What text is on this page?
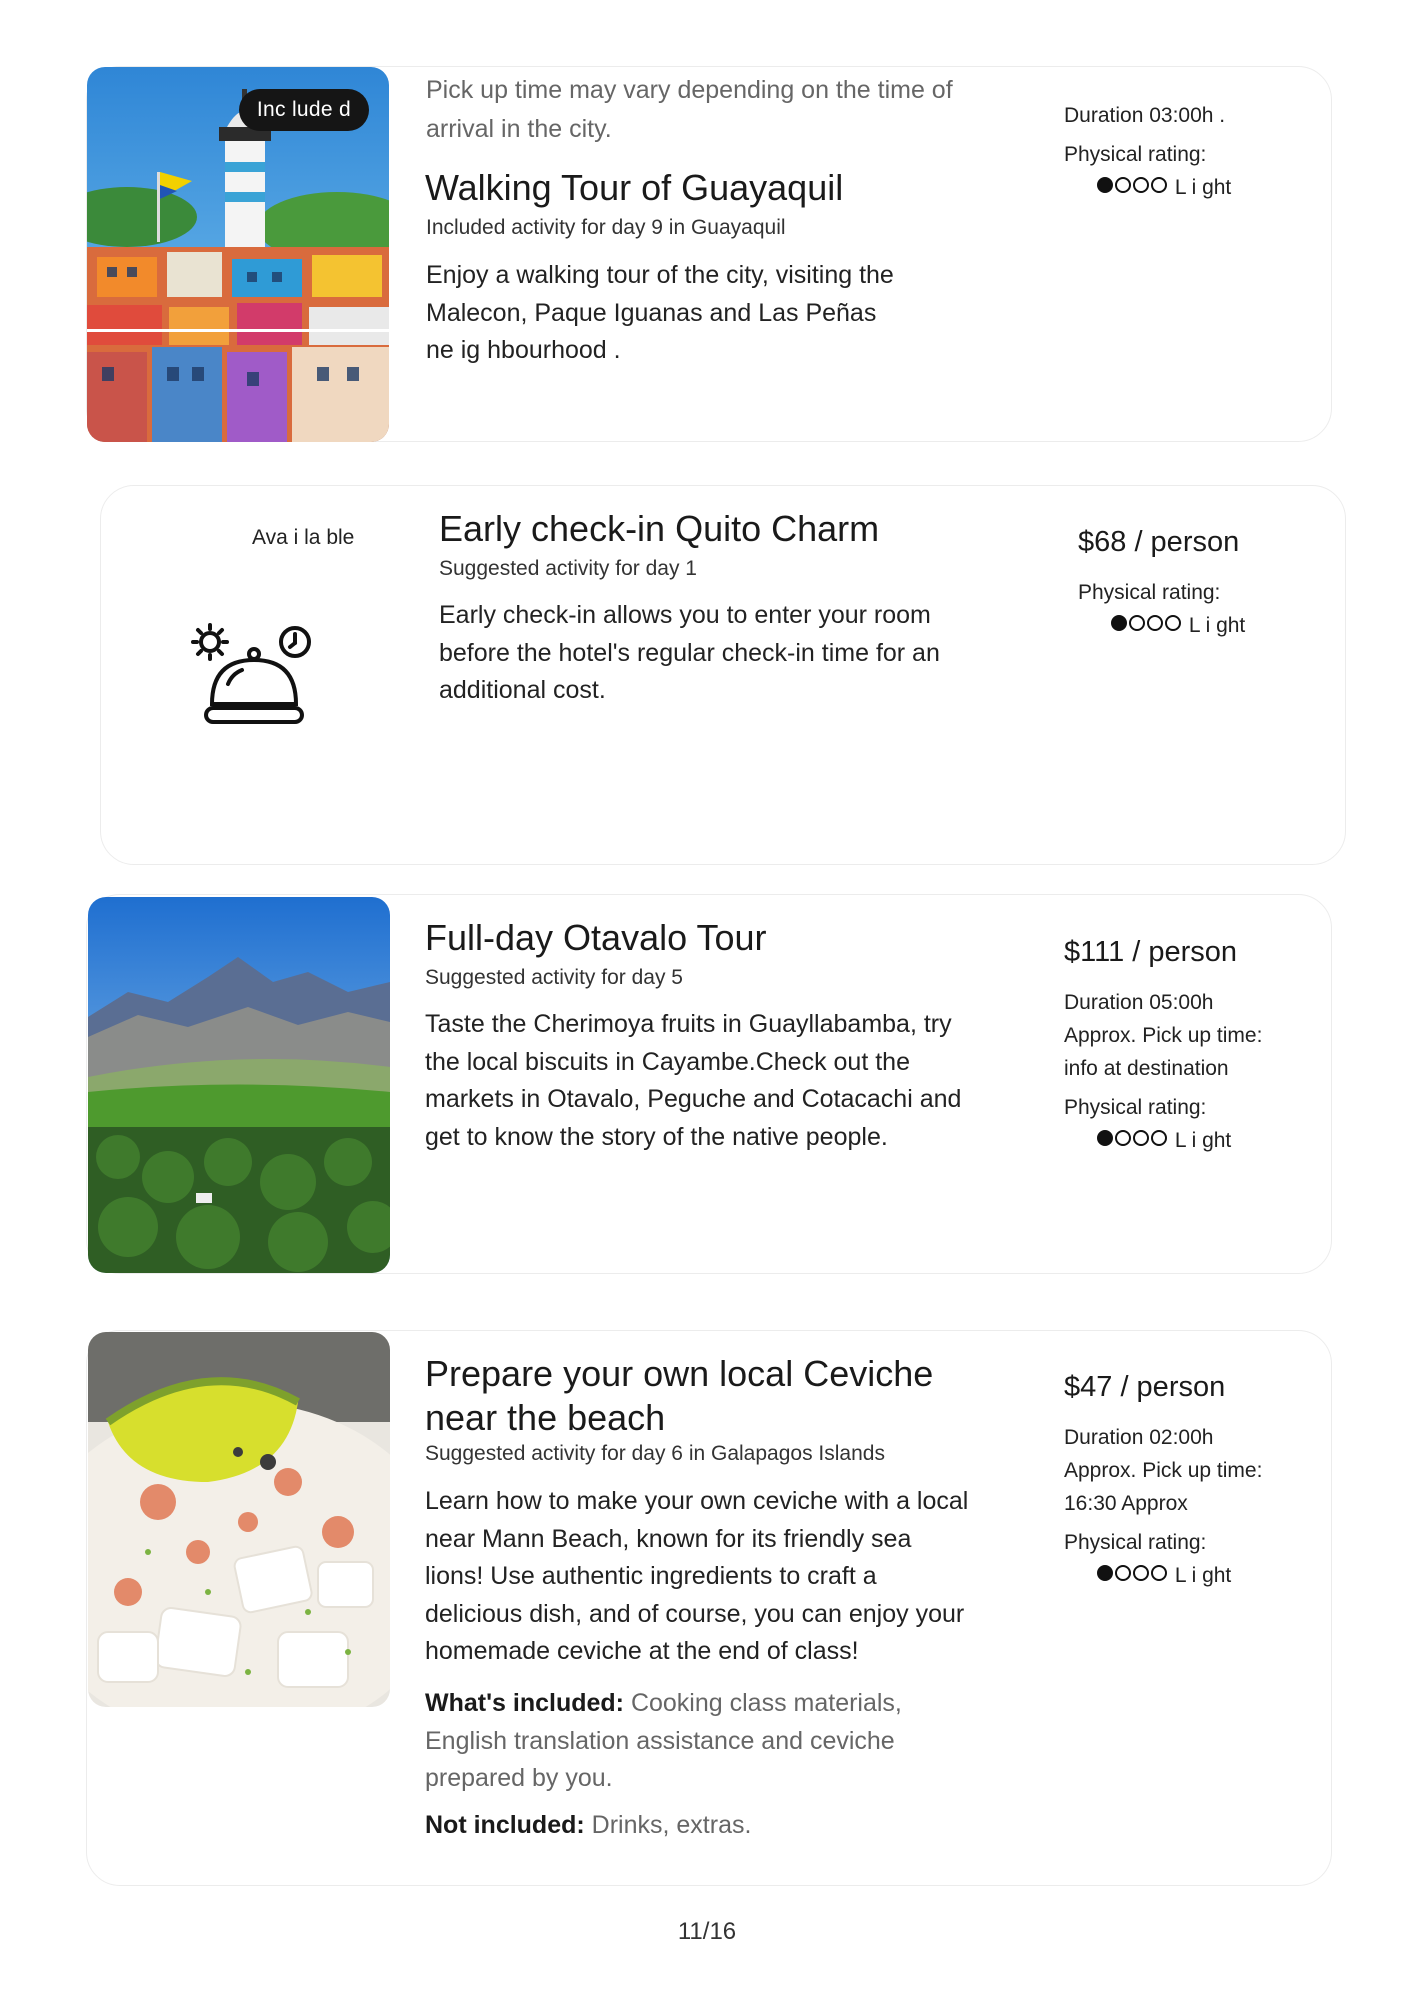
Inc lude d
Pick up time may vary depending on the time of arrival in the city.
Walking Tour of Guayaquil
Included activity for day 9 in Guayaquil
Enjoy a walking tour of the city, visiting the
Malecon, Paque Iguanas and Las Peñas
ne ig hbourhood .
Duration 03:00h .
Physical rating:
L i ght
Ava i la ble Early check-in Quito Charm
Suggested activity for day 1
Early check-in allows you to enter your room
before the hotel's regular check-in time for an
additional cost.
$68 / person
Physical rating:
L i ght
Full-day Otavalo Tour
Suggested activity for day 5
Taste the Cherimoya fruits in Guayllabamba, try
the local biscuits in Cayambe.Check out the
markets in Otavalo, Peguche and Cotacachi and
get to know the story of the native people.
$111 / person
Duration 05:00h
Approx. Pick up time:
info at destination
Physical rating:
L i ght
Prepare your own local Ceviche
near the beach
Suggested activity for day 6 in Galapagos Islands
Learn how to make your own ceviche with a local
near Mann Beach, known for its friendly sea
lions! Use authentic ingredients to craft a
delicious dish, and of course, you can enjoy your
homemade ceviche at the end of class!
What's included: Cooking class materials,
English translation assistance and ceviche
prepared by you.
Not included: Drinks, extras.
$47 / person
Duration 02:00h
Approx. Pick up time:
16:30 Approx
Physical rating:
L i ght
11/16
